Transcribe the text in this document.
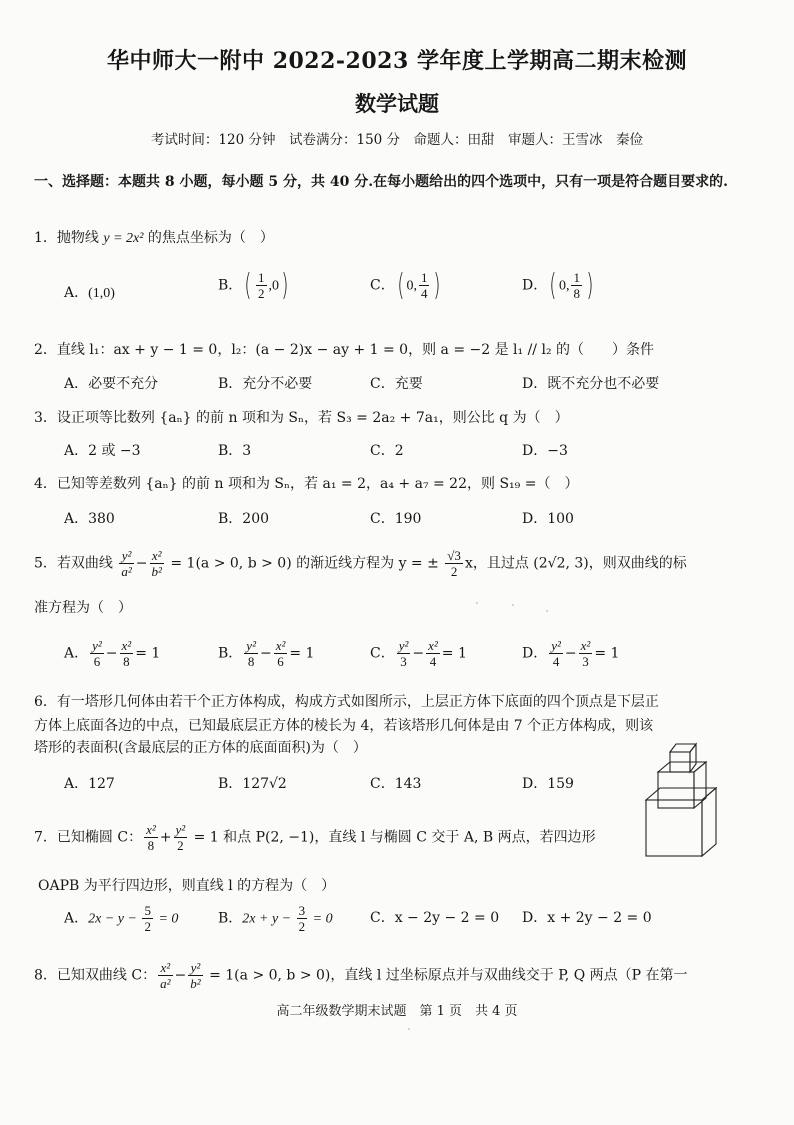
华中师大一附中 2022-2023 学年度上学期高二期末检测
数学试题
考试时间：120 分钟　试卷满分：150 分　命题人：田甜　审题人：王雪冰　秦俭
一、选择题：本题共 8 小题，每小题 5 分，共 40 分.在每小题给出的四个选项中，只有一项是符合题目要求的.
1．抛物线 y = 2x² 的焦点坐标为（　）
A．(1,0)	B．( $\frac{1}{2} ,0$)	C．( 0, $\frac{1}{4}$ )	D．( 0, $\frac{1}{8}$ )
2．直线 l₁：ax + y − 1 = 0，l₂：(a − 2)x − ay + 1 = 0，则 a = −2 是 l₁ // l₂ 的（　　）条件
A．必要不充分	B．充分不必要	C．充要	D．既不充分也不必要
3．设正项等比数列 {aₙ} 的前 n 项和为 Sₙ，若 S₃ = 2a₂ + 7a₁，则公比 q 为（　）
A．2 或 −3	B．3	C．2	D．−3
4．已知等差数列 {aₙ} 的前 n 项和为 Sₙ，若 a₁ = 2，a₄ + a₇ = 22，则 S₁₉ =（　）
A．380	B．200	C．190	D．100
5．若双曲线 $\frac{\text{y²}}{\text{a²}} - \frac{\text{x²}}{\text{b²}} = 1(a > 0$, b > 0) 的渐近线方程为 y = ± $\frac{√3}{2}$ x，且过点 (2√2, 3)，则双曲线的标
准方程为（　）
A． $\frac{\text{y²}}{6} - \frac{\text{x²}}{8} = 1$	B． $\frac{\text{y²}}{8} - \frac{\text{x²}}{6} = 1$	C． $\frac{\text{y²}}{3} - \frac{\text{x²}}{4} = 1$	D． $\frac{\text{y²}}{4} - \frac{\text{x²}}{3} = 1$
6．有一塔形几何体由若干个正方体构成，构成方式如图所示，上层正方体下底面的四个顶点是下层正
方体上底面各边的中点，已知最底层正方体的棱长为 4，若该塔形几何体是由 7 个正方体构成，则该
塔形的表面积(含最底层的正方体的底面面积)为（　）
A．127	B．127√2	C．143	D．159
7．已知椭圆 C： $\frac{\text{x²}}{8} + \frac{\text{y²}}{2} = 1$ 和点 P(2, −1)，直线 l 与椭圆 C 交于 A, B 两点，若四边形
OAPB 为平行四边形，则直线 l 的方程为（　）
A．$2x - y - \frac{5}{2} = 0$	B．$2x + y - \frac{3}{2} = 0$	C．x − 2y − 2 = 0 D．x + 2y − 2 = 0
8．已知双曲线 C： $\frac{\text{x²}}{\text{a²}} - \frac{\text{y²}}{\text{b²}} = 1(a > 0$, b > 0)，直线 l 过坐标原点并与双曲线交于 P, Q 两点（P 在第一
高二年级数学期末试题　第 1 页　共 4 页
